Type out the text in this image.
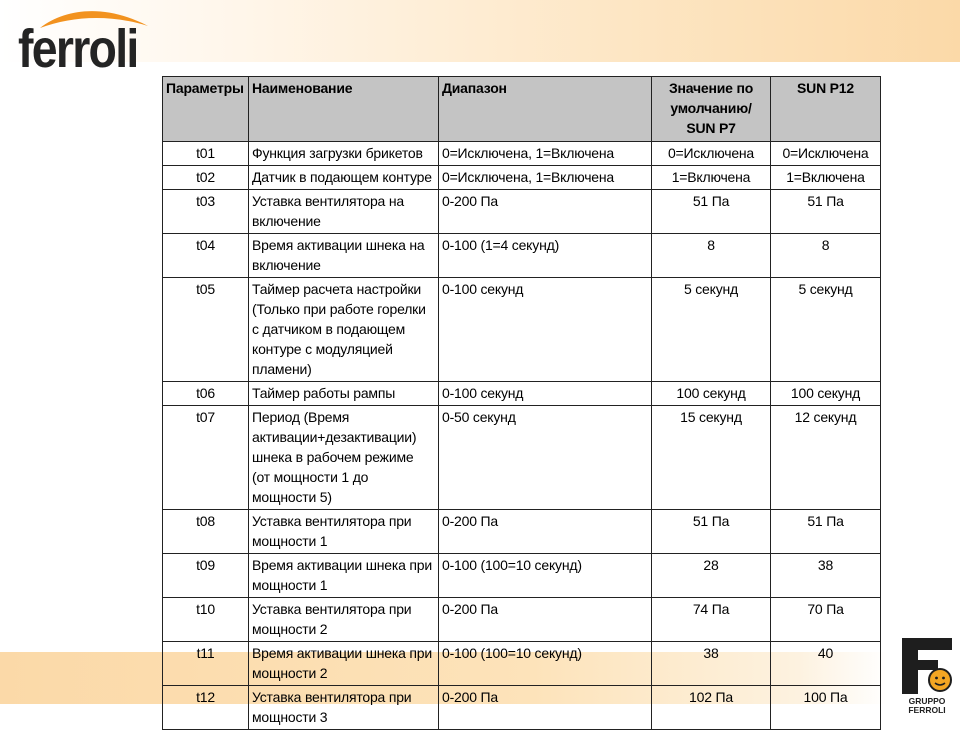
ferroli
Параметры	Наименование	Диапазон	Значение по умолчанию/ SUN P7	SUN P12
t01	Функция загрузки брикетов	0=Исключена, 1=Включена	0=Исключена	0=Исключена
t02	Датчик в подающем контуре	0=Исключена, 1=Включена	1=Включена	1=Включена
t03	Уставка вентилятора на включение	0-200 Па	51 Па	51 Па
t04	Время активации шнека на включение	0-100 (1=4 секунд)	8	8
t05	Таймер расчета настройки (Только при работе горелки с датчиком в подающем контуре с модуляцией пламени)	0-100 секунд	5 секунд	5 секунд
t06	Таймер работы рампы	0-100 секунд	100 секунд	100 секунд
t07	Период (Время активации+дезактивации) шнека в рабочем режиме (от мощности 1 до мощности 5)	0-50 секунд	15 секунд	12 секунд
t08	Уставка вентилятора при мощности 1	0-200 Па	51 Па	51 Па
t09	Время активации шнека при мощности 1	0-100 (100=10 секунд)	28	38
t10	Уставка вентилятора при мощности 2	0-200 Па	74 Па	70 Па
t11	Время активации шнека при мощности 2	0-100 (100=10 секунд)	38	40
t12	Уставка вентилятора при мощности 3	0-200 Па	102 Па	100 Па	GRUPPO
FERROLI
